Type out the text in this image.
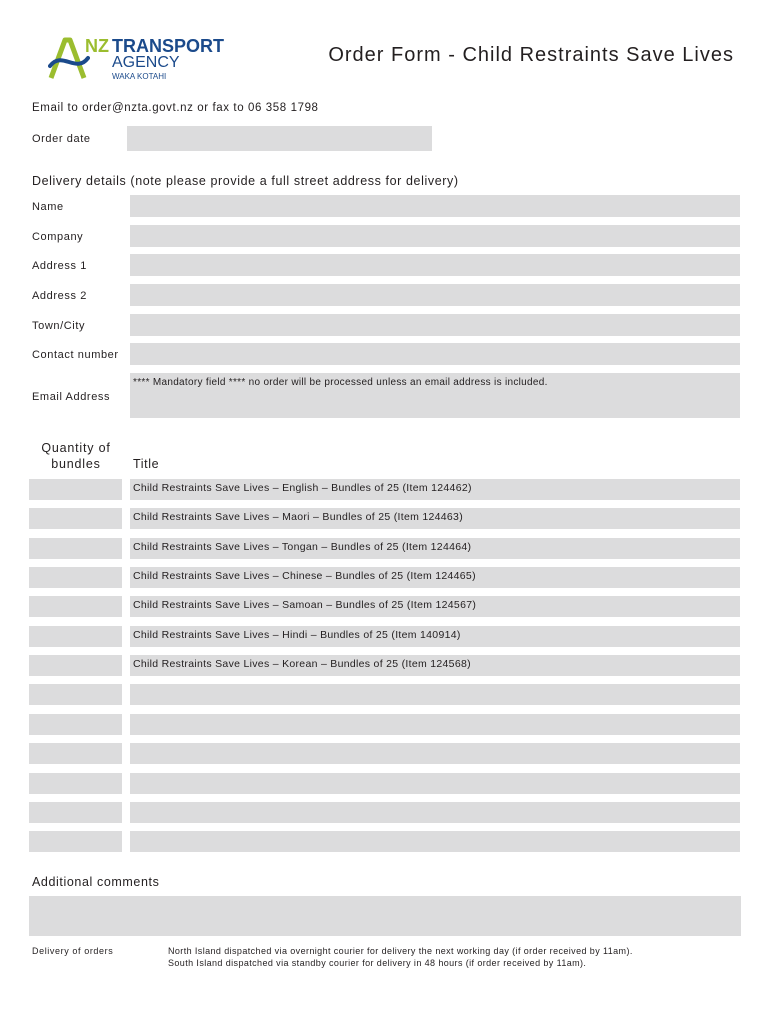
NZ TRANSPORT
AGENCY
WAKA KOTAHI
Order Form - Child Restraints Save Lives
Email to order@nzta.govt.nz or fax to 06 358 1798
Order date
Delivery details (note please provide a full street address for delivery)
Name
Company
Address 1
Address 2
Town/City
Contact number
Email Address
**** Mandatory field **** no order will be processed unless an email address is included.
Quantity of bundles	Title
Child Restraints Save Lives – English – Bundles of 25 (Item 124462)
Child Restraints Save Lives – Maori – Bundles of 25 (Item 124463)
Child Restraints Save Lives – Tongan – Bundles of 25 (Item 124464)
Child Restraints Save Lives – Chinese – Bundles of 25 (Item 124465)
Child Restraints Save Lives – Samoan – Bundles of 25 (Item 124567)
Child Restraints Save Lives – Hindi – Bundles of 25 (Item 140914)
Child Restraints Save Lives – Korean – Bundles of 25 (Item 124568)
Additional comments
Delivery of orders	North Island dispatched via overnight courier for delivery the next working day (if order received by 11am).
South Island dispatched via standby courier for delivery in 48 hours (if order received by 11am).
